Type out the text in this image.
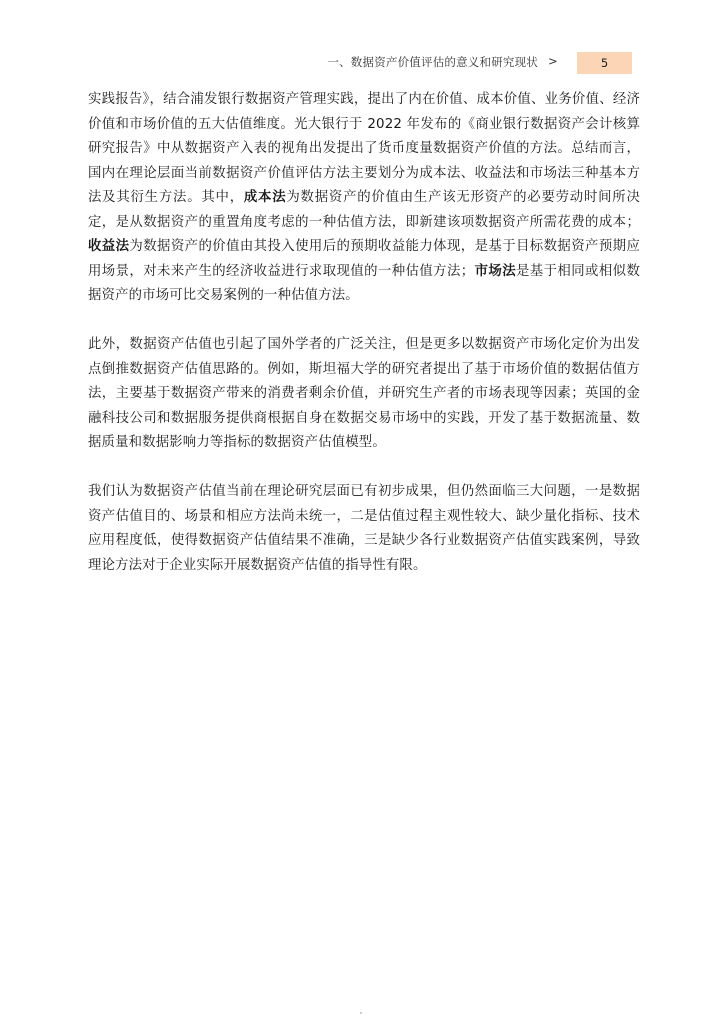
一、数据资产价值评估的意义和研究现状 >	5

实践报告》，结合浦发银行数据资产管理实践，提出了内在价值、成本价值、业务价值、经济价值和市场价值的五大估值维度。光大银行于 2022 年发布的《商业银行数据资产会计核算研究报告》中从数据资产入表的视角出发提出了货币度量数据资产价值的方法。总结而言，国内在理论层面当前数据资产价值评估方法主要划分为成本法、收益法和市场法三种基本方法及其衍生方法。其中，成本法为数据资产的价值由生产该无形资产的必要劳动时间所决定，是从数据资产的重置角度考虑的一种估值方法，即新建该项数据资产所需花费的成本；收益法为数据资产的价值由其投入使用后的预期收益能力体现，是基于目标数据资产预期应用场景，对未来产生的经济收益进行求取现值的一种估值方法；市场法是基于相同或相似数据资产的市场可比交易案例的一种估值方法。

此外，数据资产估值也引起了国外学者的广泛关注，但是更多以数据资产市场化定价为出发点倒推数据资产估值思路的。例如，斯坦福大学的研究者提出了基于市场价值的数据估值方法，主要基于数据资产带来的消费者剩余价值，并研究生产者的市场表现等因素；英国的金融科技公司和数据服务提供商根据自身在数据交易市场中的实践，开发了基于数据流量、数据质量和数据影响力等指标的数据资产估值模型。

我们认为数据资产估值当前在理论研究层面已有初步成果，但仍然面临三大问题，一是数据资产估值目的、场景和相应方法尚未统一，二是估值过程主观性较大、缺少量化指标、技术应用程度低，使得数据资产估值结果不准确，三是缺少各行业数据资产估值实践案例，导致理论方法对于企业实际开展数据资产估值的指导性有限。
